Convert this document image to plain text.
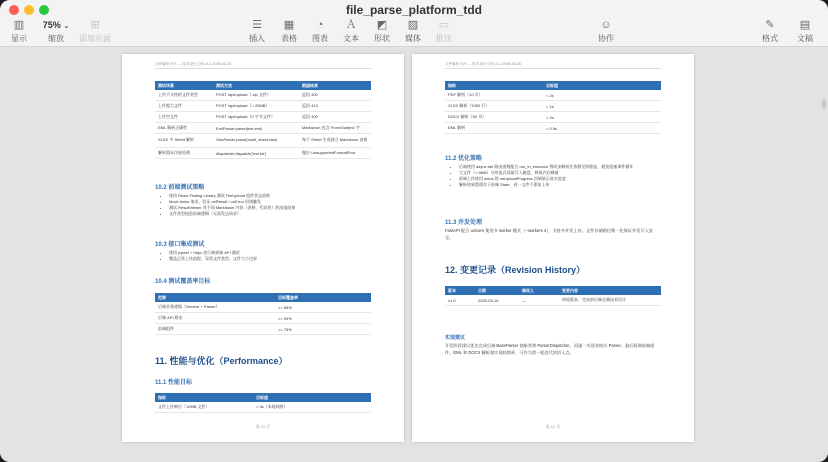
file_parse_platform_tdd
▥
显示
75% ⌄
缩放
⊞
添加页面
☰
插入
▦
表格
◔
图表
Ａ
文本
◩
形状
▨
媒体
▭
批注
☺
协作
✎
格式
▤
文稿
文件解析平台 — 技术设计文档 v1.2 2026-03-16
测试场景	测试方法	期望结果
上传不支持的文件类型	POST /api/upload（.zip 文件）	返回 400
上传超大文件	POST /api/upload（> 20MB）	返回 413
上传空文件	POST /api/upload（0 字节文件）	返回 400
EML 解析正确性	EmlParser.parse(test.eml)	Markdown 包含 From/Subject 字
XLSX 多 Sheet 解析	XlsxParser.parse(multi_sheet.xlsx)	每个 Sheet 生成独立 Markdown 表格
解析器未注册处理	dispatcher.dispatch('test.txt')	抛出 UnsupportedFormatError
10.2 前端测试策略
• 使用 React Testing Library 测试 FileUpload 组件状态流转
• Mock Axios 请求，验证 onResult / onError 回调触发
• 测试 ResultViewer 对不同 Markdown 内容（表格、代码块）的渲染结果
• 文件类型校验前端逻辑（无需发送请求）
10.3 接口集成测试
• 使用 pytest + httpx 进行端到端 API 测试
• 覆盖正常上传流程、异常文件类型、文件大小边界
10.4 测试覆盖率目标
范围	目标覆盖率
后端业务逻辑（Service + Parser）	>= 85%
后端 API 路由	>= 90%
前端组件	>= 75%
11. 性能与优化（Performance）
11.1 性能目标
指标	目标值
文件上传响应（10MB 文件）	< 3s（本地网络）
第 11 页
文件解析平台 — 技术设计文档 v1.2 2026-03-16
指标	目标值
PDF 解析（10 页）	< 2s
XLSX 解析（1000 行）	< 1s
DOCX 解析（50 页）	< 2s
EML 解析	< 0.5s
11.2 优化策略
• 后端使用 async def 路由函数配合 run_in_executor 将同步解析任务移至线程池，避免阻塞事件循环
• 大文件（> 5MB）分块流式读取写入磁盘，降低内存峰值
• 前端上传使用 axios 的 onUploadProgress 回调展示真实进度
• 解析结果暂缓存于前端 State，同一文件不重复上传
11.3 并发处理
FastAPI 配合 uvicorn 使用多 worker 模式（--workers 4），支持多并发上传。文件存储路径唯一化保证并发写入安全。
12. 变更记录（Revision History）
版本	日期	修改人	变更内容
v1.0	2026-03-16	—	初始版本，完成前后端全量技术设计
实现建议
开发阶段建议优先完成后端 BaseParser 抽象类和 ParserDispatcher，再逐一实现各格式 Parser。最后联调前端组件。EML 和 DOCX 解析器实现较简单，可作为第一轮迭代的切入点。
第 12 页
